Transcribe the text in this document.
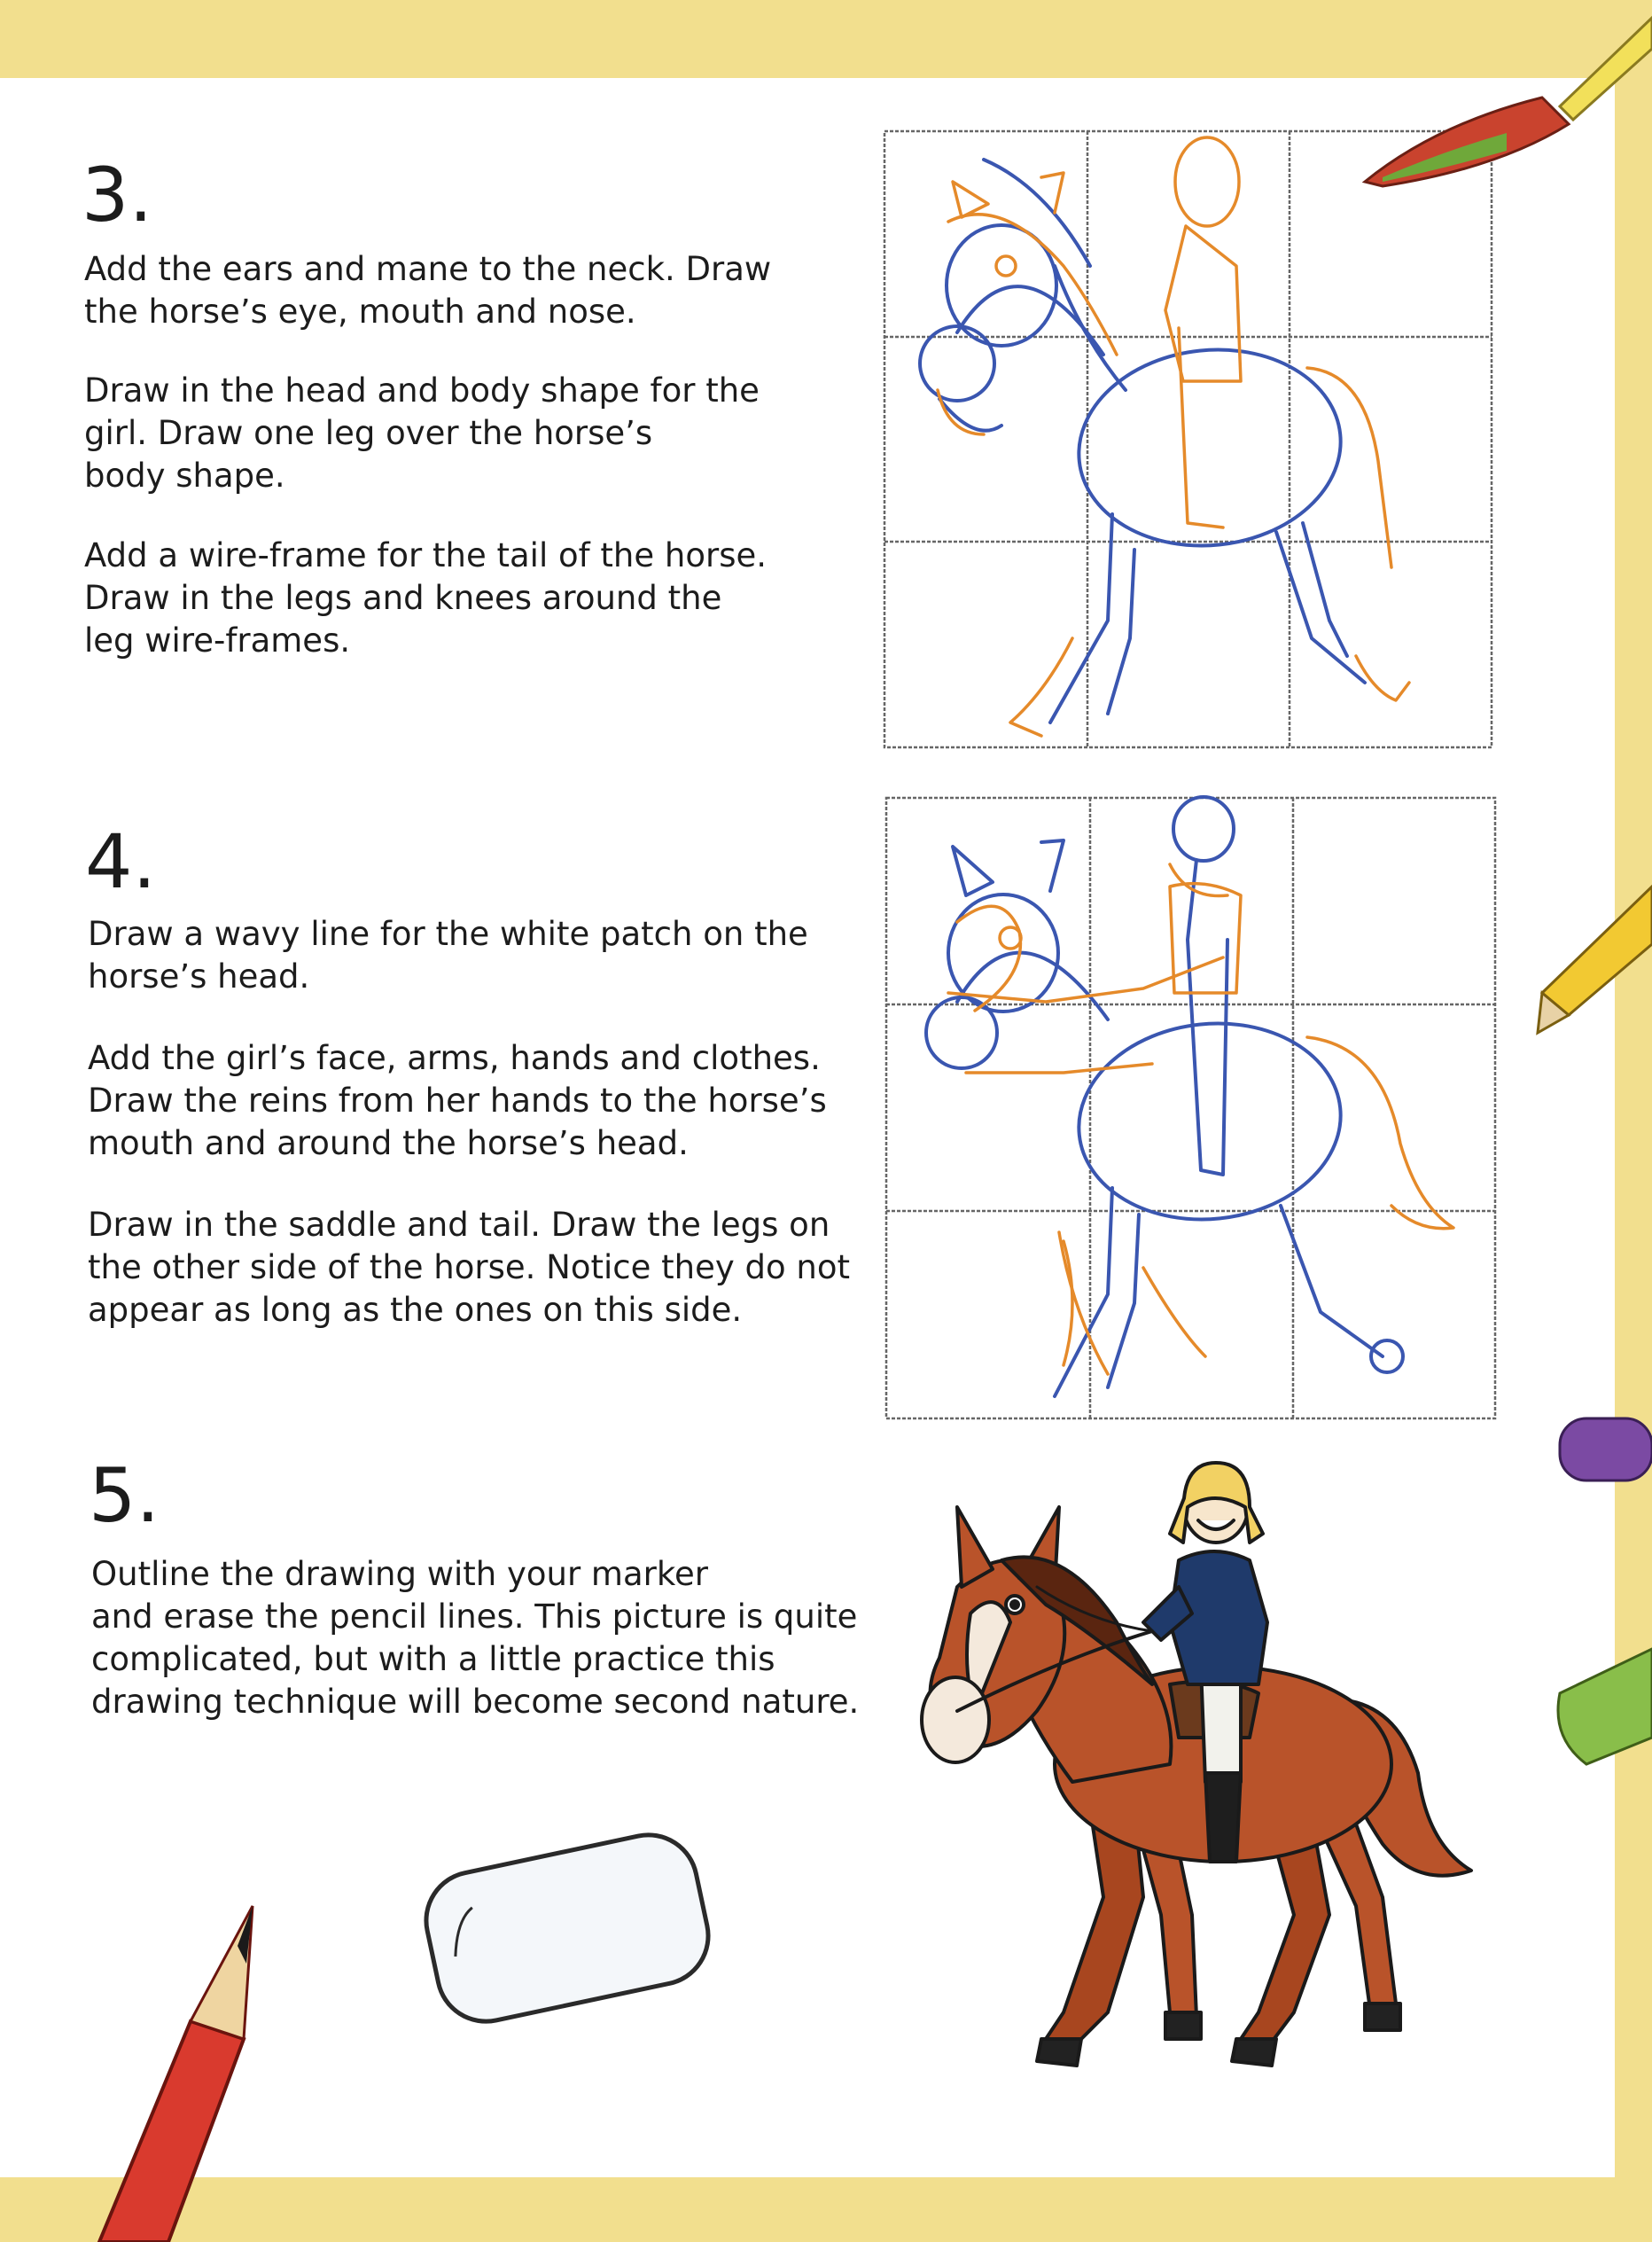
3.

Add the ears and mane to the neck. Draw
the horse’s eye, mouth and nose.

Draw in the head and body shape for the
girl. Draw one leg over the horse’s
body shape.

Add a wire-frame for the tail of the horse.
Draw in the legs and knees around the
leg wire-frames.

4.

Draw a wavy line for the white patch on the
horse’s head.

Add the girl’s face, arms, hands and clothes.
Draw the reins from her hands to the horse’s
mouth and around the horse’s head.

Draw in the saddle and tail. Draw the legs on
the other side of the horse. Notice they do not
appear as long as the ones on this side.

5.

Outline the drawing with your marker
and erase the pencil lines. This picture is quite
complicated, but with a little practice this
drawing technique will become second nature.
